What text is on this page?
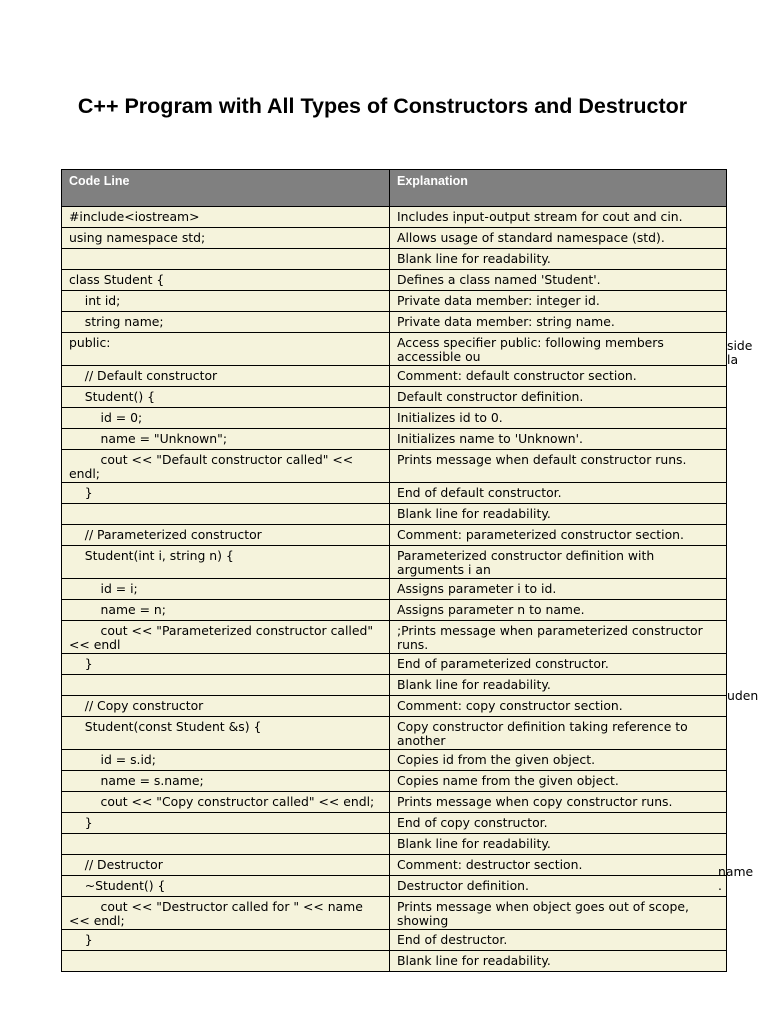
C++ Program with All Types of Constructors and Destructor
Code Line	Explanation
#include<iostream>	Includes input-output stream for cout and cin.
using namespace std;	Allows usage of standard namespace (std).
	Blank line for readability.
class Student {	Defines a class named 'Student'.
int id;	Private data member: integer id.
string name;	Private data member: string name.
public:	Access specifier public: following members accessible ou
// Default constructor	Comment: default constructor section.
Student() {	Default constructor definition.
id = 0;	Initializes id to 0.
name = "Unknown";	Initializes name to 'Unknown'.
cout << "Default constructor called" << endl;	Prints message when default constructor runs.
}	End of default constructor.
	Blank line for readability.
// Parameterized constructor	Comment: parameterized constructor section.
Student(int i, string n) {	Parameterized constructor definition with arguments i an
id = i;	Assigns parameter i to id.
name = n;	Assigns parameter n to name.
cout << "Parameterized constructor called" << endl	;Prints message when parameterized constructor runs.
}	End of parameterized constructor.
	Blank line for readability.
// Copy constructor	Comment: copy constructor section.
Student(const Student &s) {	Copy constructor definition taking reference to another
id = s.id;	Copies id from the given object.
name = s.name;	Copies name from the given object.
cout << "Copy constructor called" << endl;	Prints message when copy constructor runs.
}	End of copy constructor.
	Blank line for readability.
// Destructor	Comment: destructor section.
~Student() {	Destructor definition.
cout << "Destructor called for " << name << endl;	Prints message when object goes out of scope, showing
}	End of destructor.
	Blank line for readability.
side
la
uden
name
.
